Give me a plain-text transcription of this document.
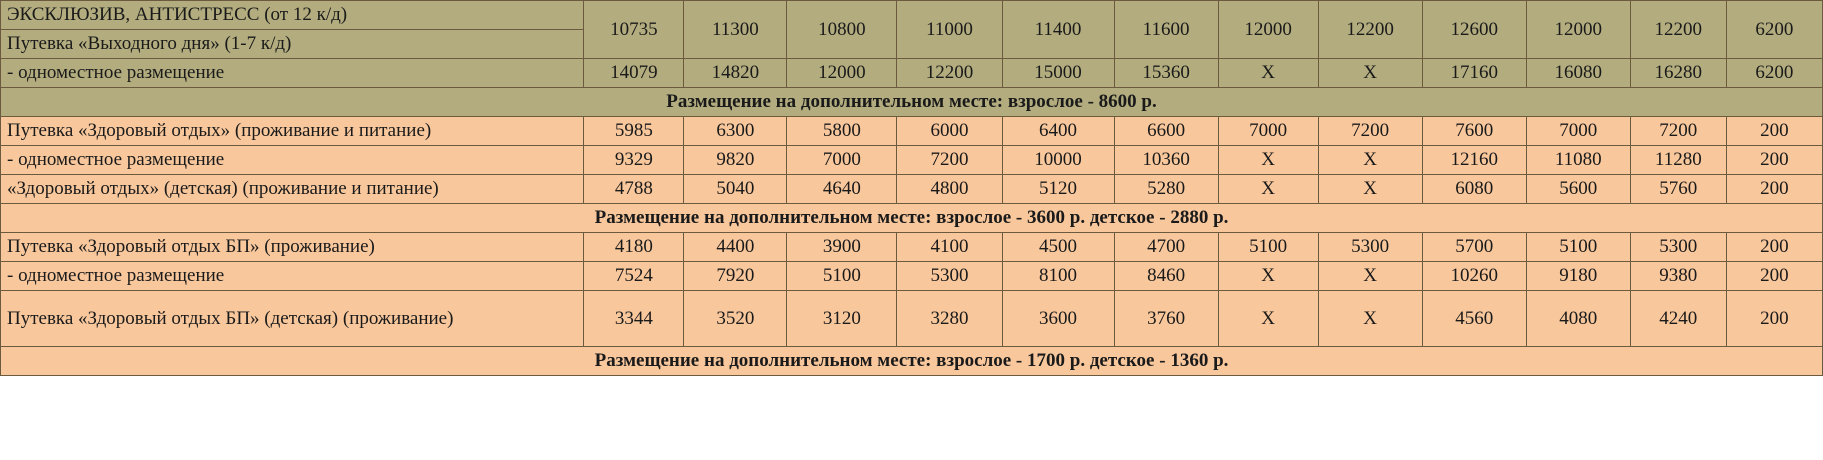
ЭКСКЛЮЗИВ, АНТИСТРЕСС (от 12 к/д)	10735	11300	10800	11000	11400	11600	12000	12200	12600	12000	12200	6200
Путевка «Выходного дня» (1-7 к/д)												
- одноместное размещение	14079	14820	12000	12200	15000	15360	X	X	17160	16080	16280	6200
Размещение на дополнительном месте: взрослое - 8600 р.												
Путевка «Здоровый отдых» (проживание и питание)	5985	6300	5800	6000	6400	6600	7000	7200	7600	7000	7200	200
- одноместное размещение	9329	9820	7000	7200	10000	10360	X	X	12160	11080	11280	200
«Здоровый отдых» (детская) (проживание и питание)	4788	5040	4640	4800	5120	5280	X	X	6080	5600	5760	200
Размещение на дополнительном месте: взрослое - 3600 р. детское - 2880 р.												
Путевка «Здоровый отдых БП» (проживание)	4180	4400	3900	4100	4500	4700	5100	5300	5700	5100	5300	200
- одноместное размещение	7524	7920	5100	5300	8100	8460	X	X	10260	9180	9380	200
Путевка «Здоровый отдых БП» (детская) (проживание)	3344	3520	3120	3280	3600	3760	X	X	4560	4080	4240	200
Размещение на дополнительном месте: взрослое - 1700 р. детское - 1360 р.												
